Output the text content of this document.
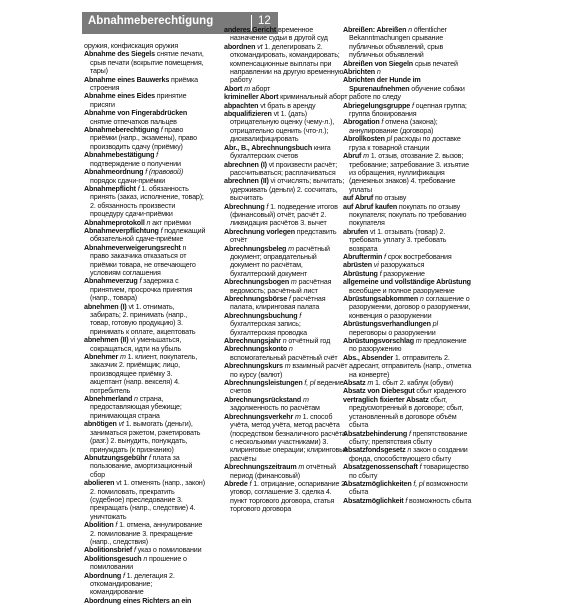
Abnahmeberechtigung	12

оружия, конфискация оружия

Abnahme des Siegels снятие печати, срыв печати (вскрытие помещения, тары)

Abnahme eines Bauwerks приёмка строения

Abnahme eines Eides принятие присяги

Abnahme von Fingerabdrücken снятие отпечатков пальцев

Abnahmeberechtigung f право приёмки (напр., экзамены), право производить сдачу (приёмку)

Abnahmebestätigung f подтверждение о получении

Abnahmeordnung f (правовой) порядок сдачи-приёмки

Abnahmepflicht f 1. обязанность принять (заказ, исполнение, товар); 2. обязанность произвести процедуру сдачи-приёмки

Abnahmeprotokoll n акт приёмки

Abnahmeverpflichtung f подлежащий обязательной сдаче-приёмке

Abnahmeverweigerungsrecht n право заказчика отказаться от приёмки товара, не отвечающего условиям соглашения

Abnahmeverzug f задержка с принятием, просрочка принятия (напр., товара)

abnehmen (I) vt 1. отнимать, забирать; 2. принимать (напр., товар, готовую продукцию) 3. принимать к оплате, акцептовать

abnehmen (II) vi уменьшаться, сокращаться, идти на убыль

Abnehmer m 1. клиент, покупатель, заказчик 2. приёмщик; лицо, производящее приёмку 3. акцептант (напр. векселя) 4. потребитель

Abnehmerland n страна, предоставляющая убежище; принимающая страна

abnötigen vt 1. вымогать (деньги), заниматься рэкетом, рэкетировать (разг.) 2. вынудить, понуждать, принуждать (к признанию)

Abnutzungsgebühr f плата за пользование, амортизационный сбор

abolieren vt 1. отменять (напр., закон) 2. помиловать, прекратить (судебное) преследование 3. прекращать (напр., следствие) 4. уничтожать

Abolition f 1. отмена, аннулирование 2. помилование 3. прекращение (напр., следствия)

Abolitionsbrief f указ о помиловании

Abolitionsgesuch n прошение о помиловании

Abordnung f 1. делегация 2. откомандирование; командирование

Abordnung eines Richters an ein

anderes Gericht временное назначение судьи в другой суд

abordnen vt 1. делегировать 2. откомандировать, командировать; компенсационные выплаты при направлении на другую временную работу

Abort m аборт

krimineller Abort криминальный аборт

abpachten vt брать в аренду

abqualifizieren vt 1. (дать) отрицательную оценку (чему-л.), отрицательно оценить (что-л.); дисквалифицировать

Abr., B., Abrechnungsbuch книга бухгалтерских счетов

abrechnen (I) vt произвести расчёт; рассчитываться; расплачиваться

abrechnen (II) vi отчислять; вычитать; удерживать (деньги) 2. сосчитать, высчитать

Abrechnung f 1. подведение итогов (финансовый) отчёт, расчёт 2. ликвидация расчётов 3. вычет

Abrechnung vorlegen представить отчёт

Abrechnungsbeleg m расчётный документ; оправдательный документ по расчётам, бухгалтерский документ

Abrechnungsbogen m расчётная ведомость; расчётный лист

Abrechnungsbörse f расчётная палата, клиринговая палата

Abrechnungsbuchung f бухгалтерская запись; бухгалтерская проводка

Abrechnungsjahr n отчётный год

Abrechnungskonto n вспомогательный расчётный счёт

Abrechnungskurs m взаимный расчёт по курсу (валют)

Abrechnungsleistungen f, pl ведение счетов

Abrechnungsrückstand m задолженность по расчётам

Abrechnungsverkehr m 1. способ учёта, метод учёта, метод расчёта (посредством безналичного расчёта с несколькими участниками) 3. клиринговые операции; клиринговые расчёты

Abrechnungszeitraum m отчётный период (финансовый)

Abrede f 1. отрицание, оспаривание 2. уговор, соглашение 3. сделка 4. пункт торгового договора, статья торгового договора

Abreißen: Abreißen n öffentlicher Bekanntmachungen срывание публичных объявлений, срыв публичных объявлений

Abreißen von Siegeln срыв печатей

Abrichten n

Abrichten der Hunde im Spurenaufnehmen обучение собаки работе по следу

Abriegelungsgruppe f оцепная группа; группа блокирования

Abrogation f отмена (закона); аннулирование (договора)

Abrollkosten pl расходы по доставке груза к товарной станции

Abruf m 1. отзыв, отозвание 2. вызов; требование; затребование 3. изъятие из обращения, нуллификация (денежных знаков) 4. требование уплаты

auf Abruf по отзыву

auf Abruf kaufen покупать по отзыву покупателя; покупать по требованию покупателя

abrufen vt 1. отзывать (товар) 2. требовать уплату 3. требовать возврата

Abruftermin f срок востребования

abrüsten vi разоружаться

Abrüstung f разоружение

allgemeine und vollständige Abrüstung всеобщее и полное разоружение

Abrüstungsabkommen n соглашение о разоружении, договор о разоружении, конвенция о разоружении

Abrüstungsverhandlungen pl переговоры о разоружении

Abrüstungsvorschlag m предложение по разоружению

Abs., Absender 1. отправитель 2. адресант, отправитель (напр., отметка на конверте)

Absatz m 1. сбыт 2. каблук (обуви)

Absatz von Diebesgut сбыт краденого

vertraglich fixierter Absatz сбыт, предусмотренный в договоре; сбыт, установленный в договоре объём сбыта

Absatzbehinderung f препятствование сбыту; препятствия сбыту

Absatzfondsgesetz n закон о создании фонда, способствующего сбыту

Absatzgenossenschaft f товарищество по сбыту

Absatzmöglichkeiten f, pl возможности сбыта

Absatzmöglichkeit f возможность сбыта
